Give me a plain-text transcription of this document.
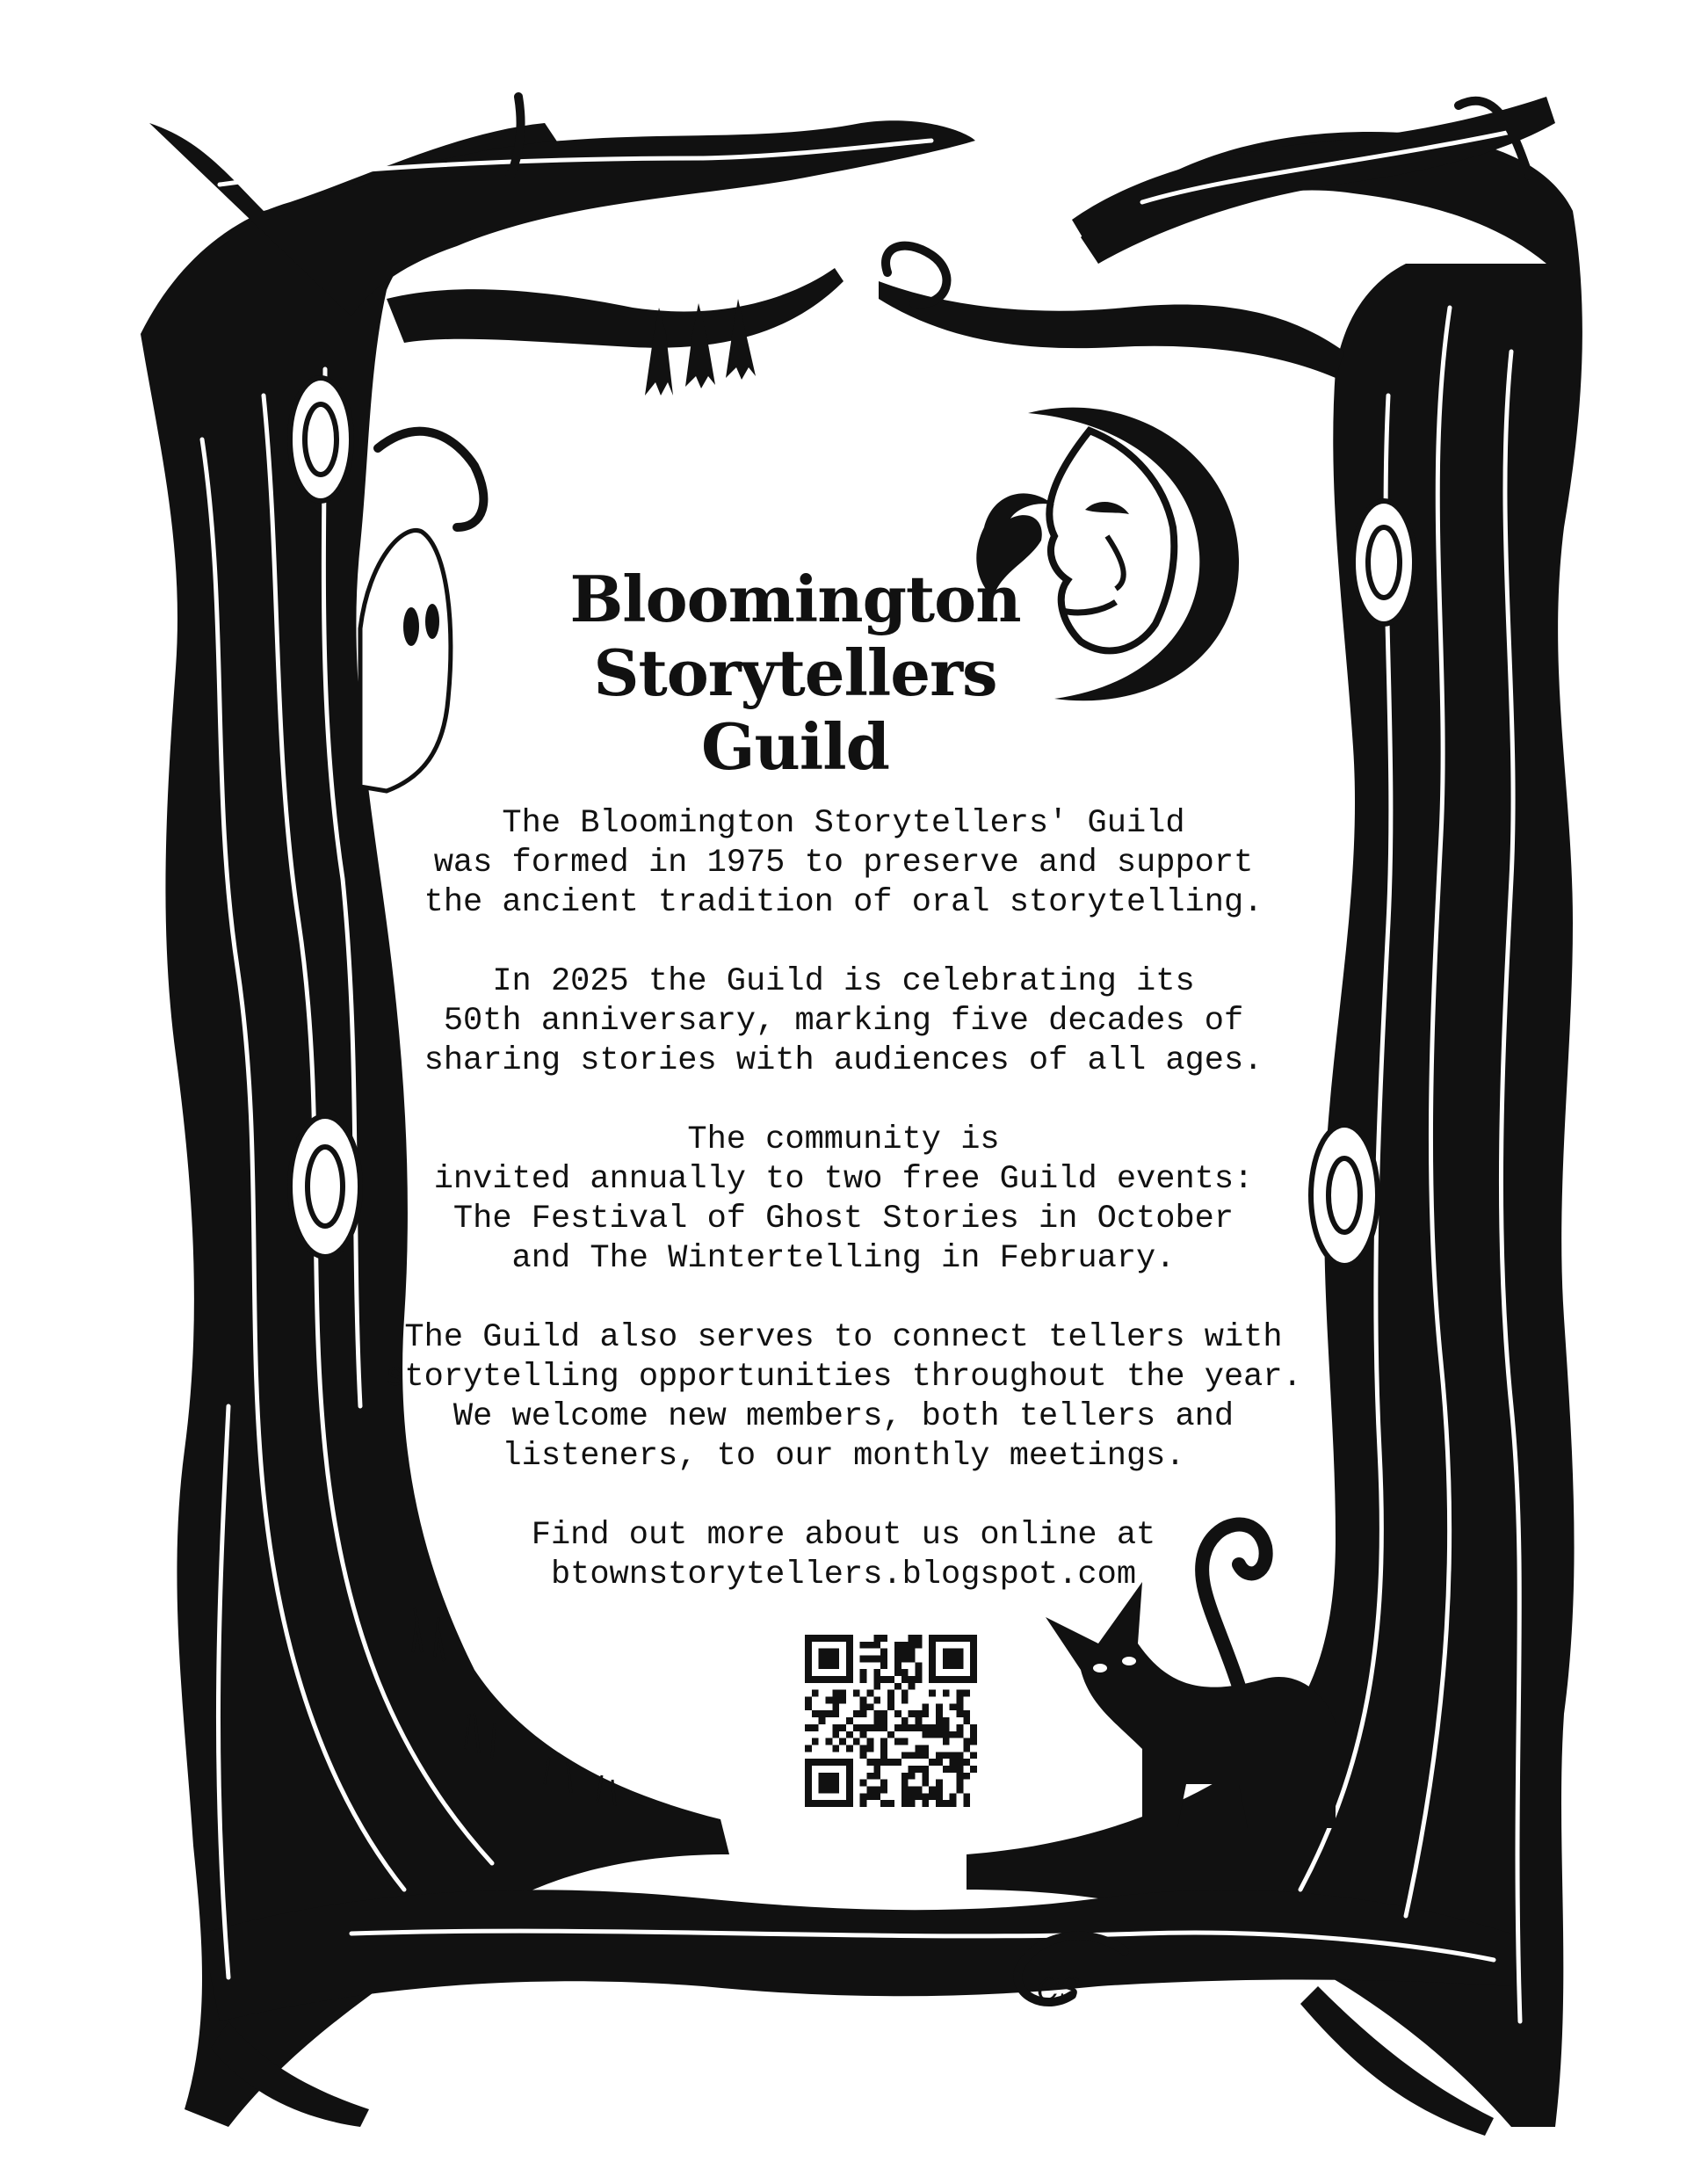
CS
Bloomington
Storytellers
Guild
The Bloomington Storytellers' Guild
was formed in 1975 to preserve and support
the ancient tradition of oral storytelling.
In 2025 the Guild is celebrating its
50th anniversary, marking five decades of
sharing stories with audiences of all ages.
The community is
invited annually to two free Guild events:
The Festival of Ghost Stories in October
and The Wintertelling in February.
The Guild also serves to connect tellers with
storytelling opportunities throughout the year.
We welcome new members, both tellers and
listeners, to our monthly meetings.
Find out more about us online at
btownstorytellers.blogspot.com
